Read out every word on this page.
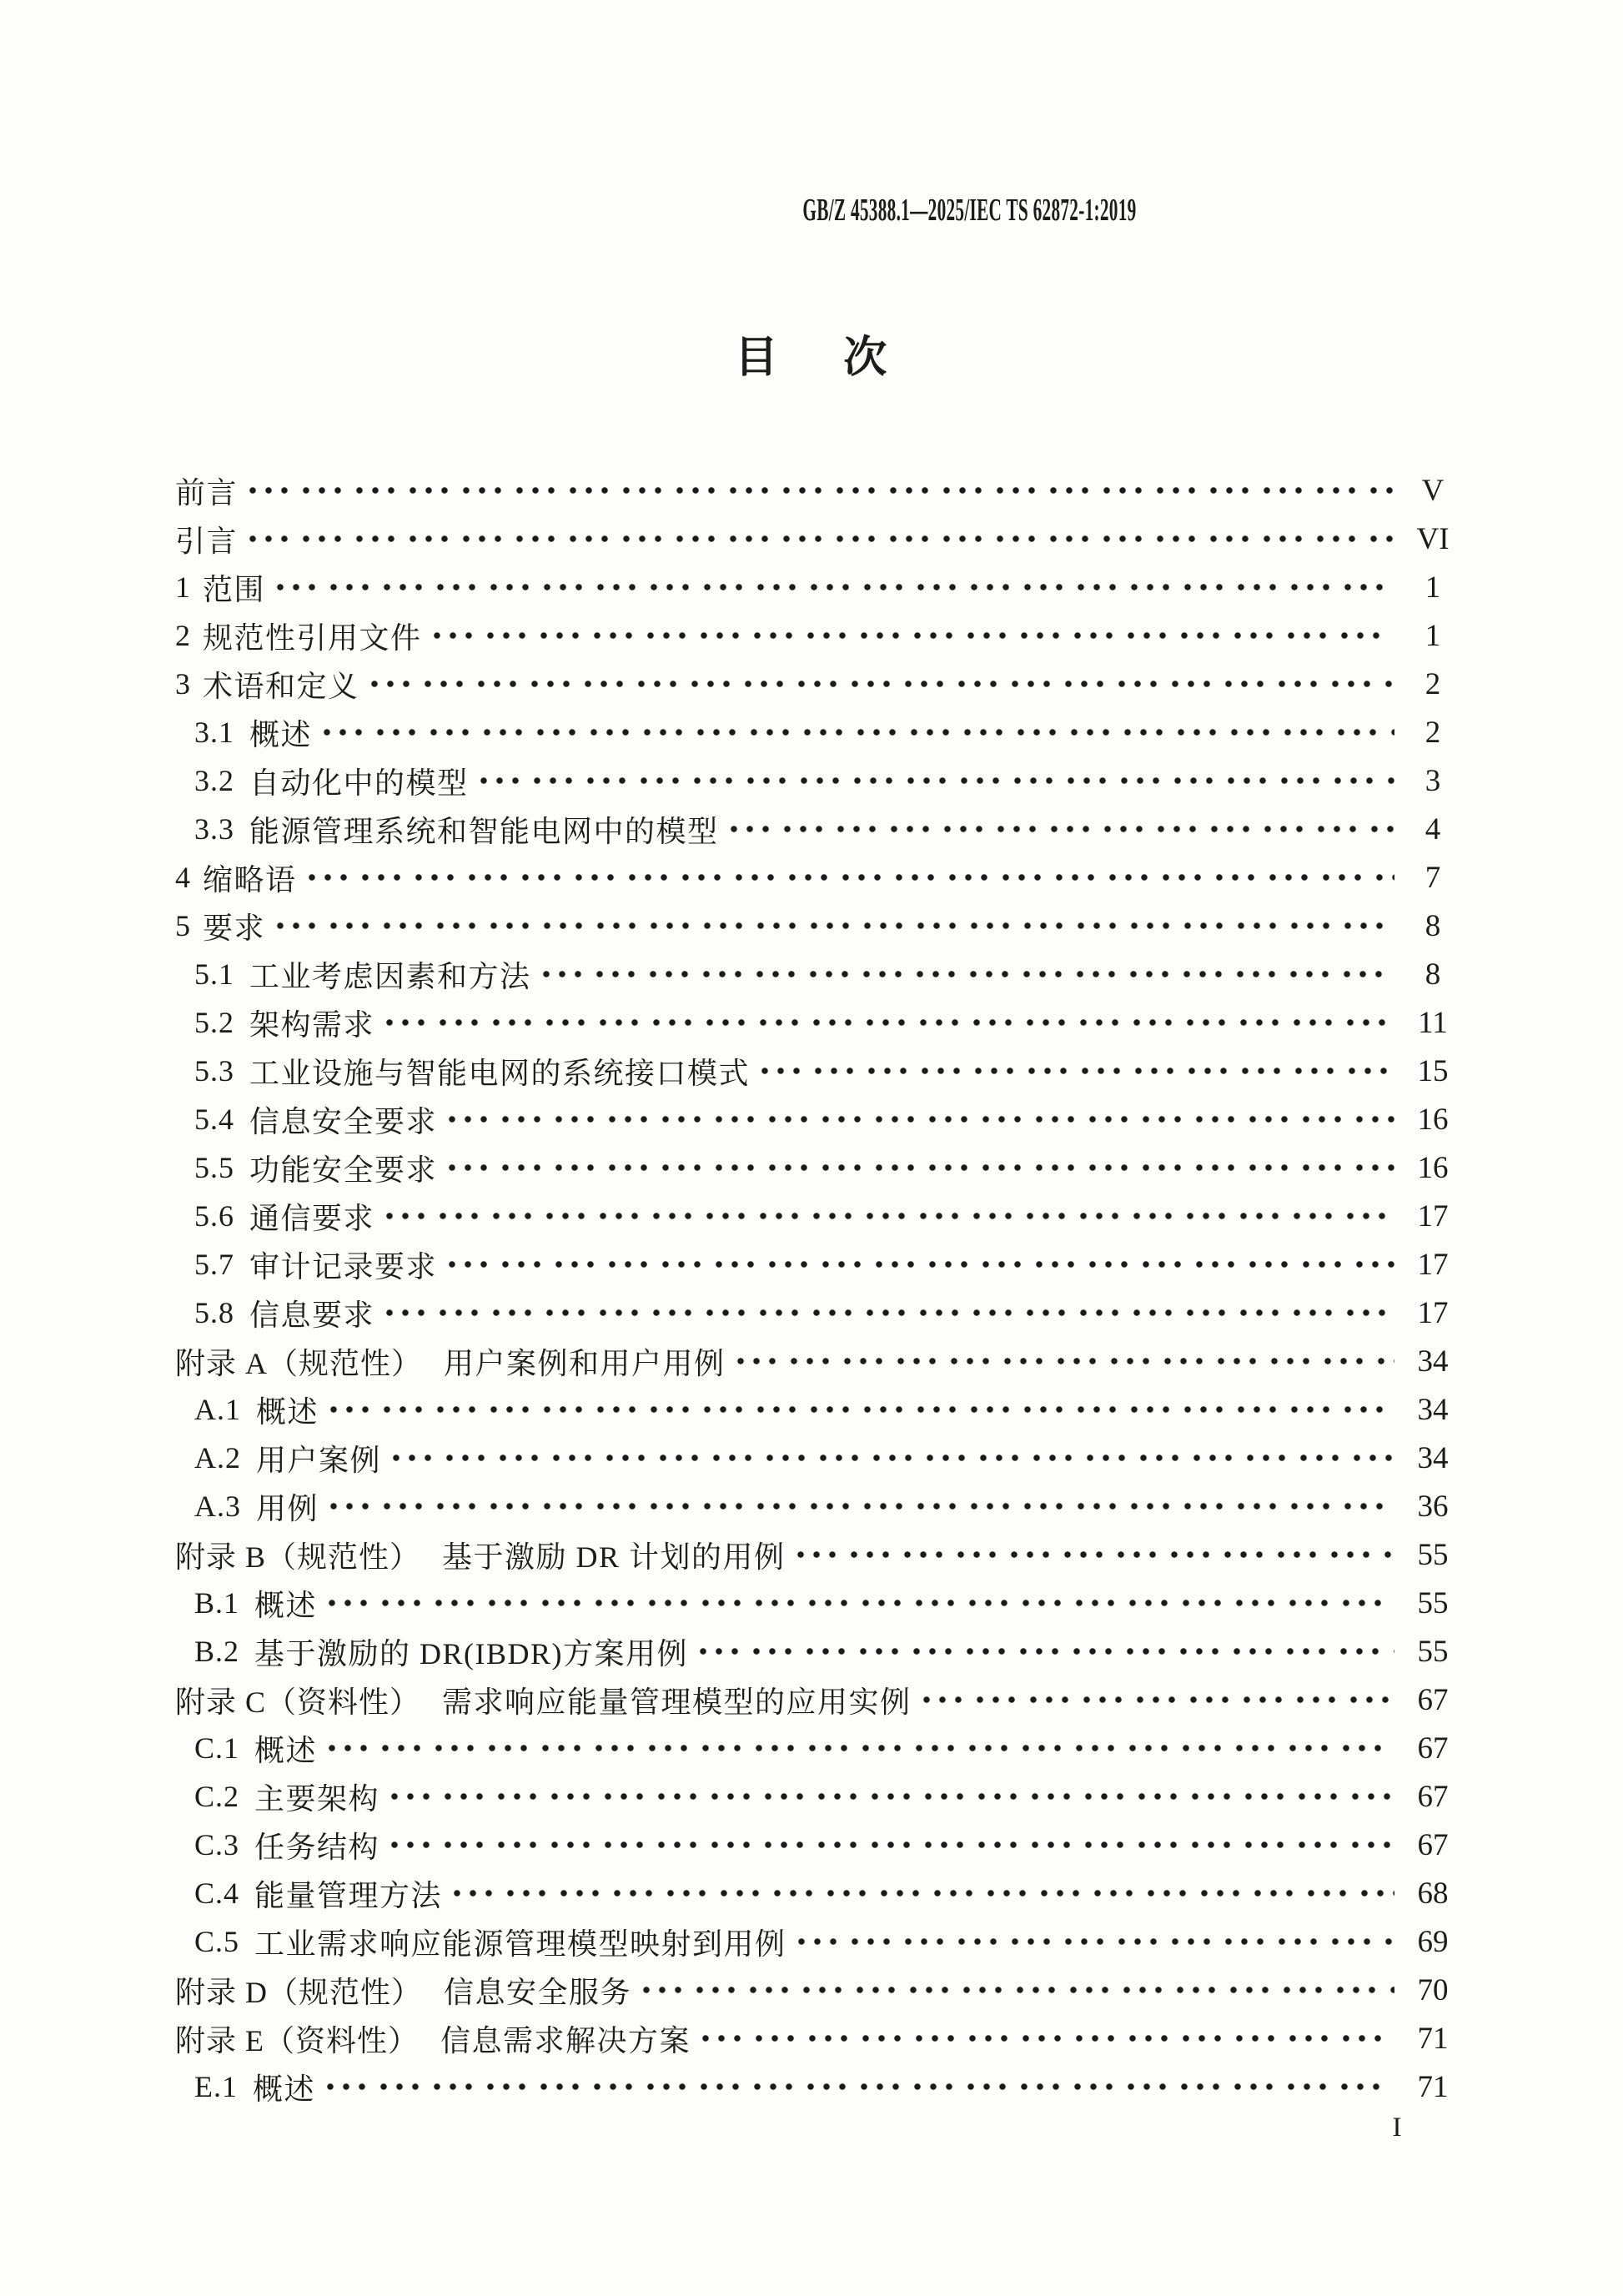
GB/Z 45388.1—2025/IEC TS 62872-1:2019
目 次
前言	V
引言	VI
1 范围	1
2 规范性引用文件	1
3 术语和定义	2
3.1 概述	2
3.2 自动化中的模型	3
3.3 能源管理系统和智能电网中的模型	4
4 缩略语	7
5 要求	8
5.1 工业考虑因素和方法	8
5.2 架构需求	11
5.3 工业设施与智能电网的系统接口模式	15
5.4 信息安全要求	16
5.5 功能安全要求	16
5.6 通信要求	17
5.7 审计记录要求	17
5.8 信息要求	17
附录 A（规范性） 用户案例和用户用例	34
A.1 概述	34
A.2 用户案例	34
A.3 用例	36
附录 B（规范性） 基于激励 DR 计划的用例	55
B.1 概述	55
B.2 基于激励的 DR(IBDR)方案用例	55
附录 C（资料性） 需求响应能量管理模型的应用实例	67
C.1 概述	67
C.2 主要架构	67
C.3 任务结构	67
C.4 能量管理方法	68
C.5 工业需求响应能源管理模型映射到用例	69
附录 D（规范性） 信息安全服务	70
附录 E（资料性） 信息需求解决方案	71
E.1 概述	71
I
